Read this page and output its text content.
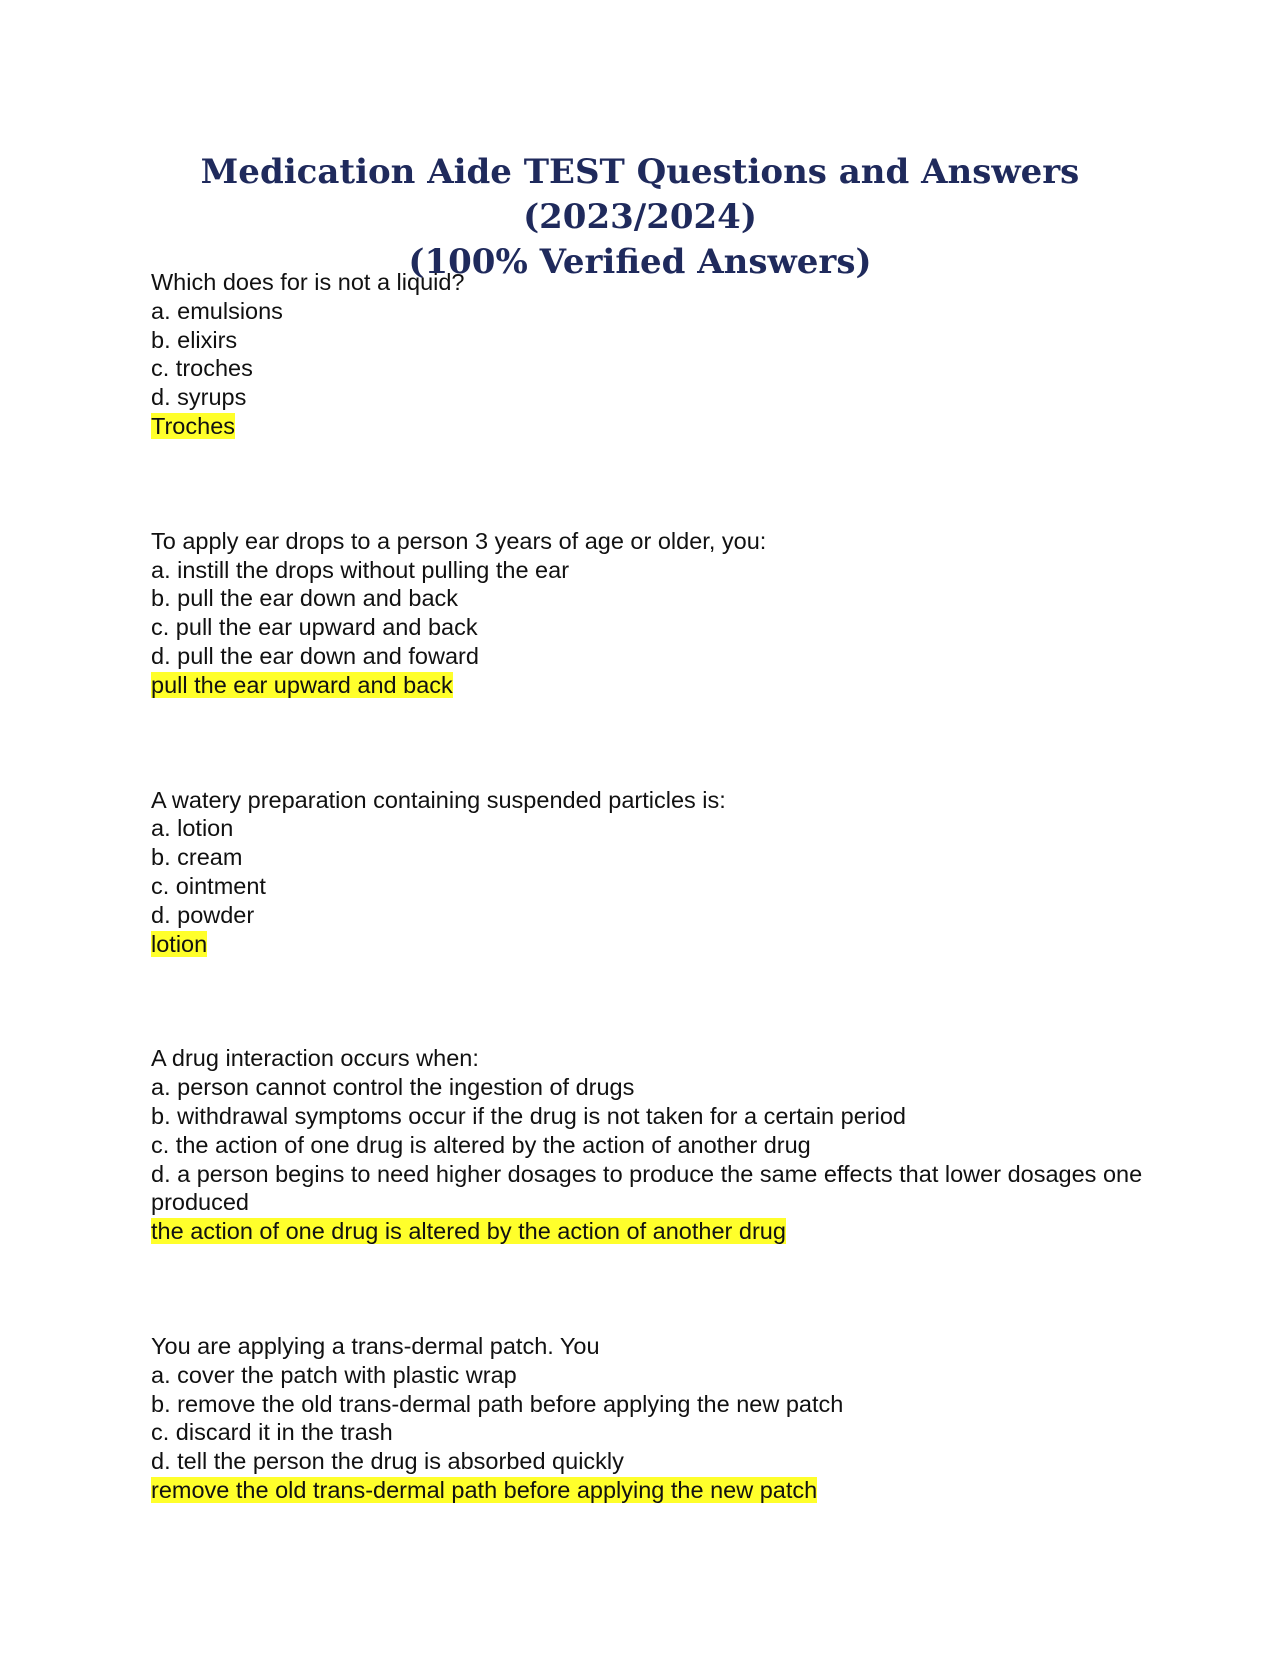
Medication Aide TEST Questions and Answers (2023/2024)
(100% Verified Answers)

Which does for is not a liquid?

a. emulsions

b. elixirs

c. troches

d. syrups

Troches

To apply ear drops to a person 3 years of age or older, you:

a. instill the drops without pulling the ear

b. pull the ear down and back

c. pull the ear upward and back

d. pull the ear down and foward

pull the ear upward and back

A watery preparation containing suspended particles is:

a. lotion

b. cream

c. ointment

d. powder

lotion

A drug interaction occurs when:

a. person cannot control the ingestion of drugs

b. withdrawal symptoms occur if the drug is not taken for a certain period

c. the action of one drug is altered by the action of another drug

d. a person begins to need higher dosages to produce the same effects that lower dosages one produced

the action of one drug is altered by the action of another drug

You are applying a trans-dermal patch. You

a. cover the patch with plastic wrap

b. remove the old trans-dermal path before applying the new patch

c. discard it in the trash

d. tell the person the drug is absorbed quickly

remove the old trans-dermal path before applying the new patch
